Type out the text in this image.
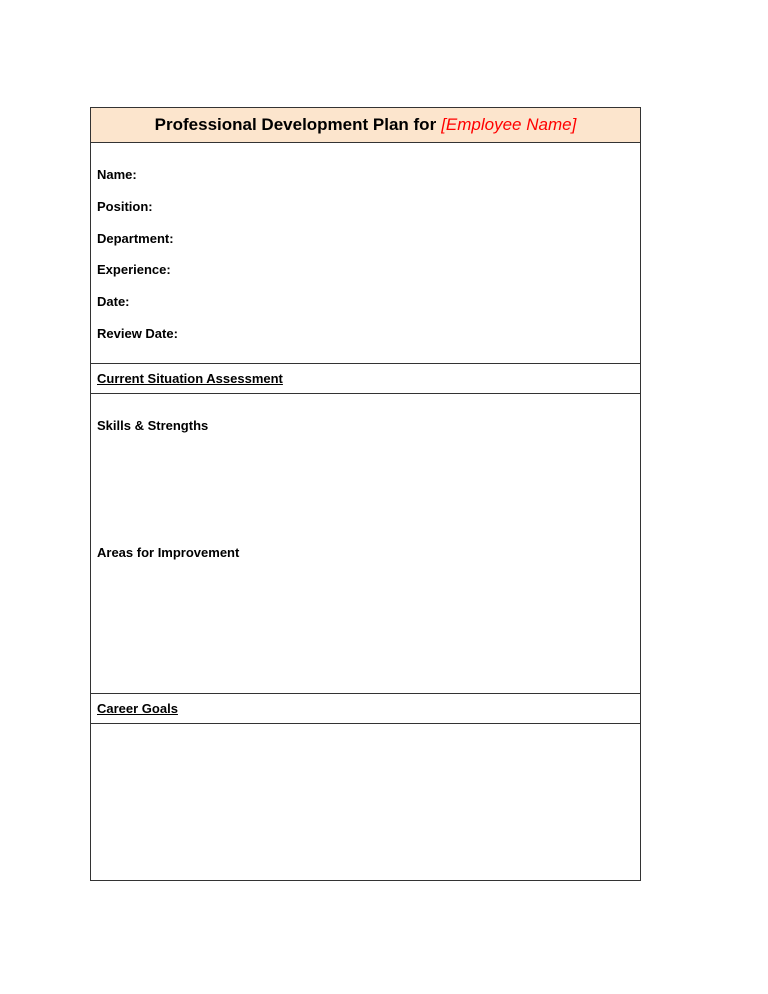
Professional Development Plan for [Employee Name]
Name:
Position:
Department:
Experience:
Date:
Review Date:
Current Situation Assessment
Skills & Strengths
Areas for Improvement
Career Goals
